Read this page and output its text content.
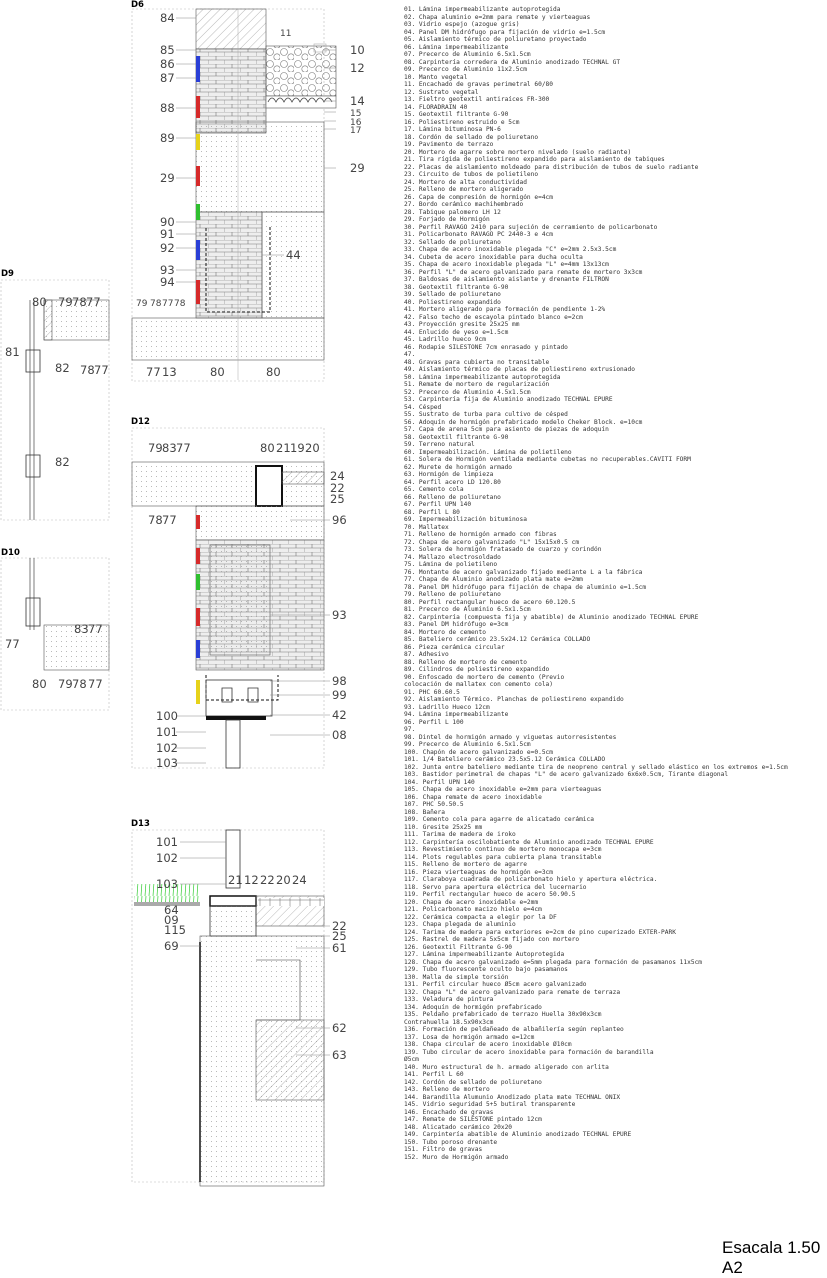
D6
84
85
86
87
88
89
29
90
91
92
93
94
10
12
14
15
16
17
29
44
80	80
79 78 77 78
77 13
11
D9
80 79 78 77
81
82 78 77
82
D10
77
83 77
80 79 78 77
D12
79 83 77	80 21 19 20
24
22
25
78 77	96
93
98
99
100
101
102
103
42
08
D13
101
102
103	21 12 22 20 24
64
09
115	22
25
61
69
62
63
01. Lámina impermeabilizante autoprotegida
02. Chapa aluminio e=2mm para remate y vierteaguas
03. Vidrio espejo (azogue gris)
04. Panel DM hidrófugo para fijación de vidrio e=1.5cm
05. Aislamiento térmico de poliuretano proyectado
06. Lámina impermeabilizante
07. Precerco de Aluminio 6.5x1.5cm
08. Carpintería corredera de Aluminio anodizado TECHNAL GT
09. Precerco de Aluminio 11x2.5cm
10. Manto vegetal
11. Encachado de gravas perimetral 60/80
12. Sustrato vegetal
13. Fieltro geotextil antiraíces FR-300
14. FLORADRAIN 40
15. Geotextil filtrante G-90
16. Poliestireno estruido e 5cm
17. Lámina bituminosa PN-6
18. Cordón de sellado de poliuretano
19. Pavimento de terrazo
20. Mortero de agarre sobre mortero nivelado (suelo radiante)
21. Tira rígida de poliestireno expandido para aislamiento de tabiques
22. Placas de aislamiento moldeado para distribución de tubos de suelo radiante
23. Circuito de tubos de polietileno
24. Mortero de alta conductividad
25. Relleno de mortero aligerado
26. Capa de compresión de hormigón e=4cm
27. Bordo cerámico machihembrado
28. Tabique palomero LH 12
29. Forjado de Hormigón
30. Perfil RAVAGO 2410 para sujeción de cerramiento de policarbonato
31. Policarbonato RAVAGO PC 2440-3 e 4cm
32. Sellado de poliuretano
33. Chapa de acero inoxidable plegada "C" e=2mm 2.5x3.5cm
34. Cubeta de acero inoxidable para ducha oculta
35. Chapa de acero inoxidable plegada "L" e=4mm 13x13cm
36. Perfil "L" de acero galvanizado para remate de mortero 3x3cm
37. Baldosas de aislamiento aislante y drenante FILTRON
38. Geotextil filtrante G-90
39. Sellado de poliuretano
40. Poliestireno expandido
41. Mortero aligerado para formación de pendiente 1-2%
42. Falso techo de escayola pintado blanco e=2cm
43. Proyección gresite 25x25 mm
44. Enlucido de yeso e=1.5cm
45. Ladrillo hueco 9cm
46. Rodapie SILESTONE 7cm enrasado y pintado
47.
48. Gravas para cubierta no transitable
49. Aislamiento térmico de placas de poliestireno extrusionado
50. Lámina impermeabilizante autoprotegida
51. Remate de mortero de regularización
52. Precerco de Aluminio 4.5x1.5cm
53. Carpintería fija de Aluminio anodizado TECHNAL EPURE
54. Césped
55. Sustrato de turba para cultivo de césped
56. Adoquín de hormigón prefabricado modelo Cheker Block. e=10cm
57. Capa de arena 5cm para asiento de piezas de adoquín
58. Geotextil filtrante G-90
59. Terreno natural
60. Impermeabilización. Lámina de polietileno
61. Solera de Hormigón ventilada mediante cubetas no recuperables.CAVITI FORM
62. Murete de hormigón armado
63. Hormigón de limpieza
64. Perfil acero LD 120.80
65. Cemento cola
66. Relleno de poliuretano
67. Perfil UPN 140
68. Perfil L 80
69. Impermeabilización bituminosa
70. Mallatex
71. Relleno de hormigón armado con fibras
72. Chapa de acero galvanizado "L" 15x15x0.5 cm
73. Solera de hormigón fratasado de cuarzo y corindón
74. Mallazo electrosoldado
75. Lámina de polietileno
76. Montante de acero galvanizado fijado mediante L a la fábrica
77. Chapa de Aluminio anodizado plata mate e=2mm
78. Panel DM hidrófugo para fijación de chapa de aluminio e=1.5cm
79. Relleno de poliuretano
80. Perfil rectangular hueco de acero 60.120.5
81. Precerco de Aluminio 6.5x1.5cm
82. Carpintería (compuesta fija y abatible) de Aluminio anodizado TECHNAL EPURE
83. Panel DM hidrófugo e=3cm
84. Mortero de cemento
85. Bateliero cerámico 23.5x24.12 Cerámica COLLADO
86. Pieza cerámica circular
87. Adhesivo
88. Relleno de mortero de cemento
89. Cilindros de poliestireno expandido
90. Enfoscado de mortero de cemento (Previo
colocación de mallatex con cemento cola)
91. PHC 60.60.5
92. Aislamiento Térmico. Planchas de poliestireno expandido
93. Ladrillo Hueco 12cm
94. Lámina impermeabilizante
96. Perfil L 100
97.
98. Dintel de hormigón armado y viguetas autorresistentes
99. Precerco de Aluminio 6.5x1.5cm
100. Chapón de acero galvanizado e=0.5cm
101. 1/4 Bateliero cerámico 23.5x5.12 Cerámica COLLADO
102. Junta entre bateliero mediante tira de neopreno central y sellado elástico en los extremos e=1.5cm
103. Bastidor perimetral de chapas "L" de acero galvanizado 6x6x0.5cm, Tirante diagonal
104. Perfil UPN 140
105. Chapa de acero inoxidable e=2mm para vierteaguas
106. Chapa remate de acero inoxidable
107. PHC 50.50.5
108. Bañera
109. Cemento cola para agarre de alicatado cerámica
110. Gresite 25x25 mm
111. Tarima de madera de iroko
112. Carpintería oscilobatiente de Aluminio anodizado TECHNAL EPURE
113. Revestimiento continuo de mortero monocapa e=3cm
114. Plots regulables para cubierta plana transitable
115. Relleno de mortero de agarre
116. Pieza vierteaguas de hormigón e=3cm
117. Claraboya cuadrada de policarbonato hielo y apertura eléctrica.
118. Servo para apertura eléctrica del lucernario
119. Perfil rectangular hueco de acero 50.90.5
120. Chapa de acero inoxidable e=2mm
121. Policarbonato macizo hielo e=4cm
122. Cerámica compacta a elegir por la DF
123. Chapa plegada de aluminio
124. Tarima de madera para exteriores e=2cm de pino cuperizado EXTER-PARK
125. Rastrel de madera 5x5cm fijado con mortero
126. Geotextil Filtrante G-90
127. Lámina impermeabilizante Autoprotegida
128. Chapa de acero galvanizado e=5mm plegada para formación de pasamanos 11x5cm
129. Tubo fluorescente oculto bajo pasamanos
130. Malla de simple torsión
131. Perfil circular hueco Ø5cm acero galvanizado
132. Chapa "L" de acero galvanizado para remate de terraza
133. Veladura de pintura
134. Adoquín de hormigón prefabricado
135. Peldaño prefabricado de terrazo Huella 30x90x3cm
Contrahuella 18.5x90x3cm
136. Formación de peldañeado de albañilería según replanteo
137. Losa de hormigón armado e=12cm
138. Chapa circular de acero inoxidable Ø10cm
139. Tubo circular de acero inoxidable para formación de barandilla
Ø5cm
140. Muro estructural de h. armado aligerado con arlita
141. Perfil L 60
142. Cordón de sellado de poliuretano
143. Relleno de mortero
144. Barandilla Alumunio Anodizado plata mate TECHNAL ONIX
145. Vidrio seguridad 5+5 butiral transparente
146. Encachado de gravas
147. Remate de SILESTONE pintado 12cm
148. Alicatado cerámico 20x20
149. Carpintería abatible de Aluminio anodizado TECHNAL EPURE
150. Tubo poroso drenante
151. Filtro de gravas
152. Muro de Hormigón armado
Esacala 1.50
A2
